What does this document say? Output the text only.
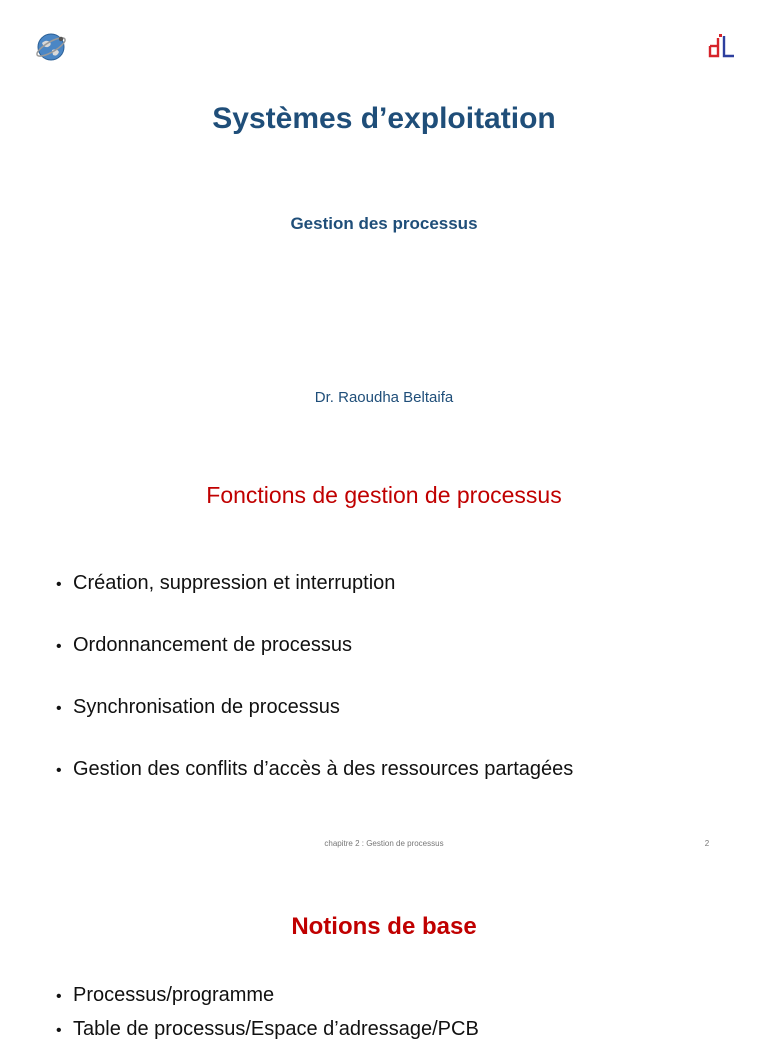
Systèmes d’exploitation
Gestion des processus
Dr. Raoudha Beltaifa
Fonctions de gestion de processus
• Création, suppression et interruption
• Ordonnancement de processus
• Synchronisation de processus
• Gestion des conflits d’accès à des ressources partagées
chapitre 2 : Gestion de processus	2
Notions de base
• Processus/programme
• Table de processus/Espace d’adressage/PCB
